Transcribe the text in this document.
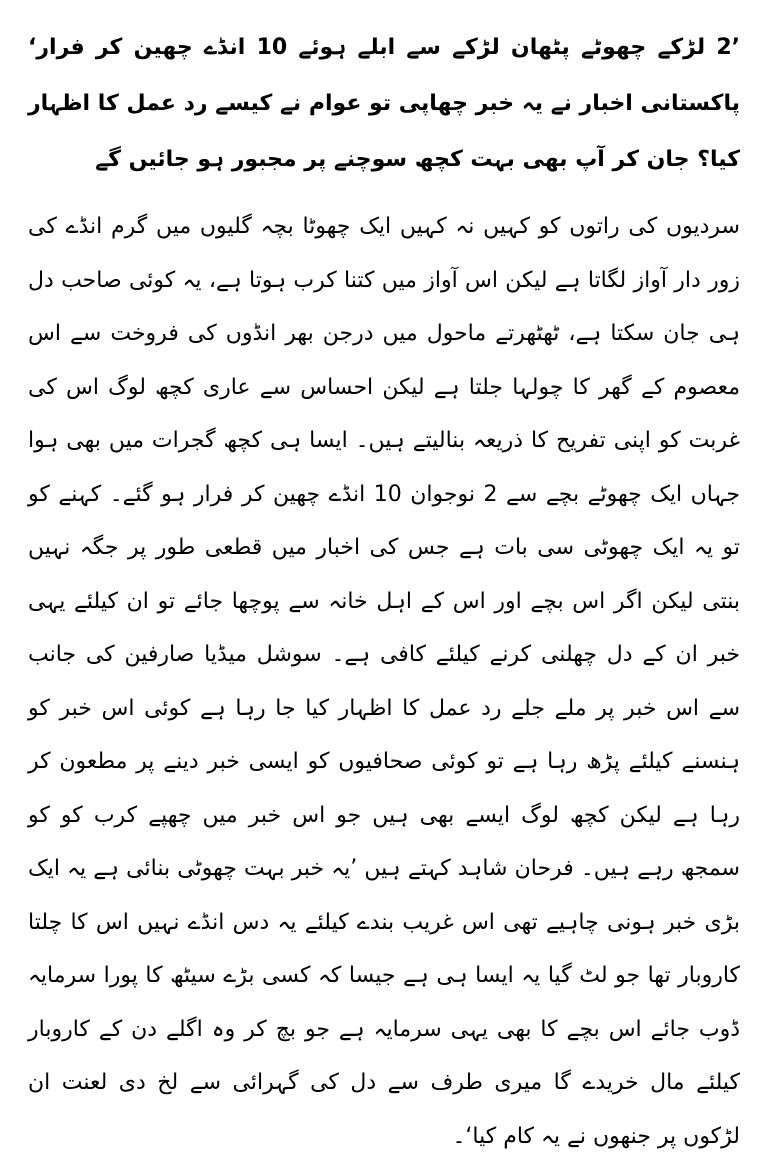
’2 لڑکے چھوٹے پٹھان لڑکے سے ابلے ہوئے 10 انڈے چھین کر فرار‘ پاکستانی اخبار نے یہ خبر چھاپی تو عوام نے کیسے رد عمل کا اظہار کیا؟ جان کر آپ بھی بہت کچھ سوچنے پر مجبور ہو جائیں گے

سردیوں کی راتوں کو کہیں نہ کہیں ایک چھوٹا بچہ گلیوں میں گرم انڈے کی زور دار آواز لگاتا ہے لیکن اس آواز میں کتنا کرب ہوتا ہے، یہ کوئی صاحب دل ہی جان سکتا ہے، ٹھٹھرتے ماحول میں درجن بھر انڈوں کی فروخت سے اس معصوم کے گھر کا چولہا جلتا ہے لیکن احساس سے عاری کچھ لوگ اس کی غربت کو اپنی تفریح کا ذریعہ بنالیتے ہیں۔ ایسا ہی کچھ گجرات میں بھی ہوا جہاں ایک چھوٹے بچے سے 2 نوجوان 10 انڈے چھین کر فرار ہو گئے۔ کہنے کو تو یہ ایک چھوٹی سی بات ہے جس کی اخبار میں قطعی طور پر جگہ نہیں بنتی لیکن اگر اس بچے اور اس کے اہل خانہ سے پوچھا جائے تو ان کیلئے یہی خبر ان کے دل چھلنی کرنے کیلئے کافی ہے۔ سوشل میڈیا صارفین کی جانب سے اس خبر پر ملے جلے رد عمل کا اظہار کیا جا رہا ہے کوئی اس خبر کو ہنسنے کیلئے پڑھ رہا ہے تو کوئی صحافیوں کو ایسی خبر دینے پر مطعون کر رہا ہے لیکن کچھ لوگ ایسے بھی ہیں جو اس خبر میں چھپے کرب کو کو سمجھ رہے ہیں۔ فرحان شاہد کہتے ہیں ’یہ خبر بہت چھوٹی بنائی ہے یہ ایک بڑی خبر ہونی چاہیے تھی اس غریب بندے کیلئے یہ دس انڈے نہیں اس کا چلتا کاروبار تھا جو لٹ گیا یہ ایسا ہی ہے جیسا کہ کسی بڑے سیٹھ کا پورا سرمایہ ڈوب جائے اس بچے کا بھی یہی سرمایہ ہے جو بچ کر وہ اگلے دن کے کاروبار کیلئے مال خریدے گا میری طرف سے دل کی گہرائی سے لخ دی لعنت ان لڑکوں پر جنھوں نے یہ کام کیا‘۔
